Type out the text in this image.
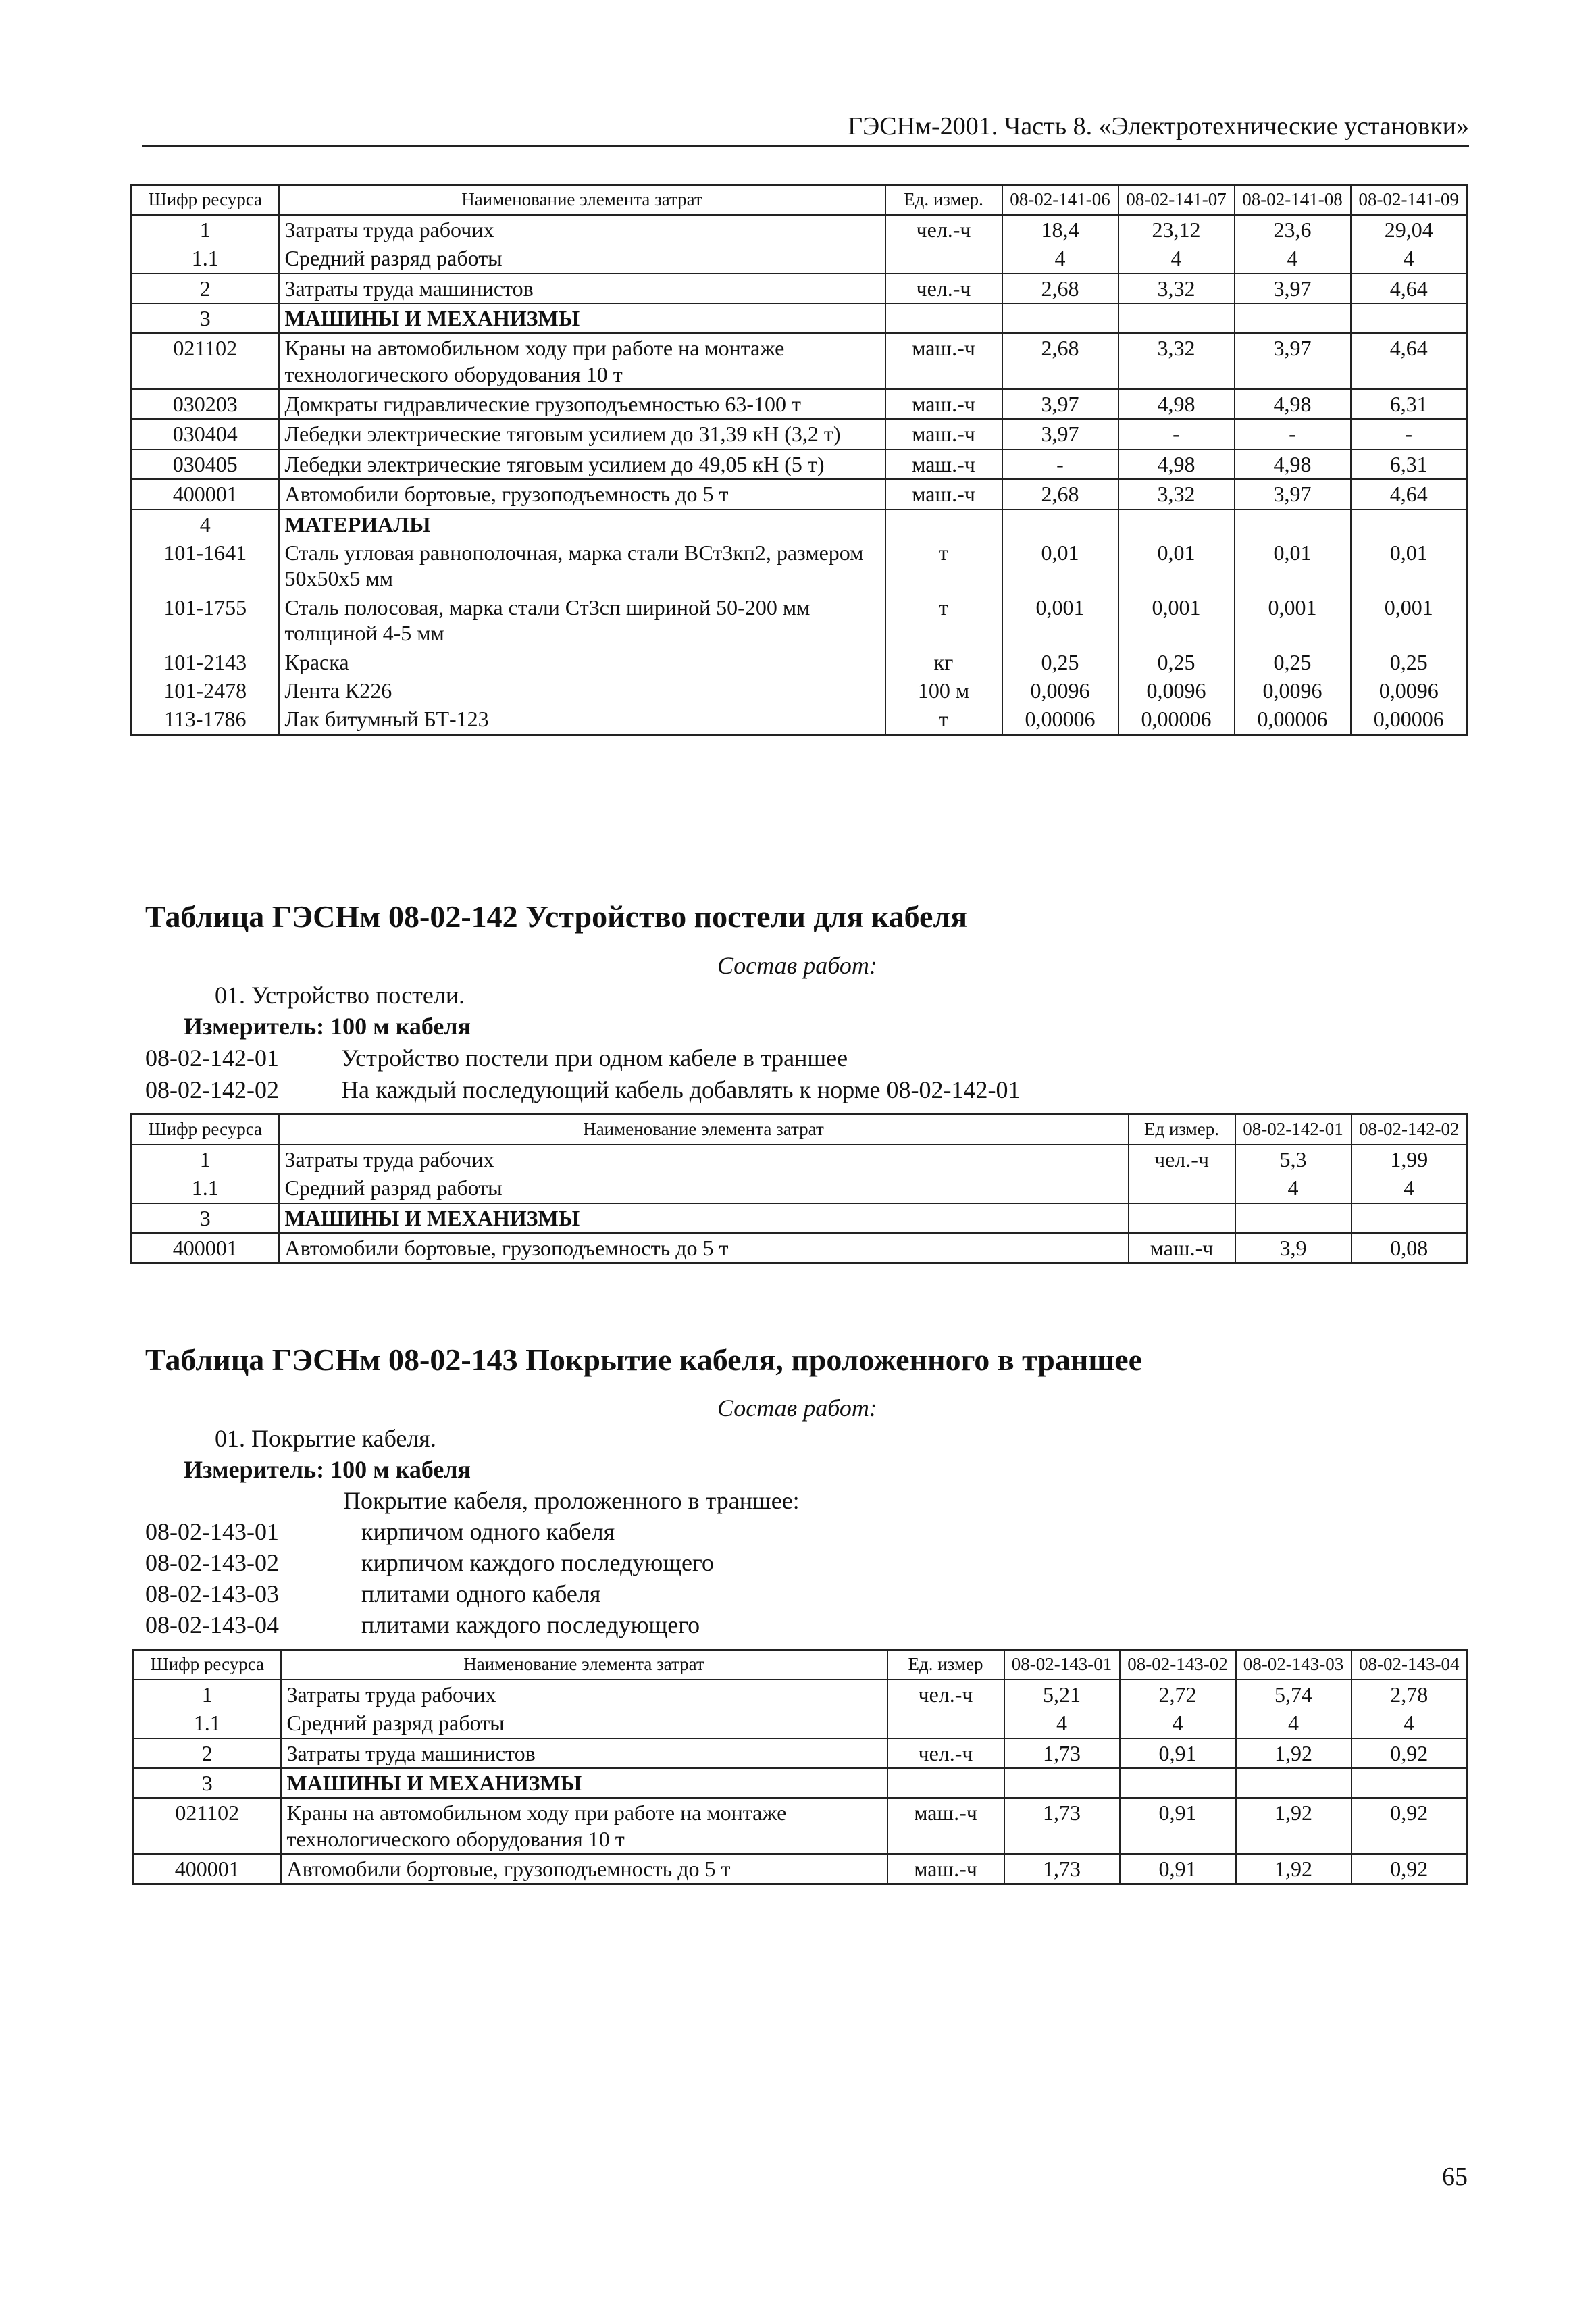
ГЭСНм-2001. Часть 8. «Электротехнические установки»
Шифр ресурса	Наименование элемента затрат	Ед. измер.	08-02-141-06	08-02-141-07	08-02-141-08	08-02-141-09
1	Затраты труда рабочих	чел.-ч	18,4	23,12	23,6	29,04
1.1	Средний разряд работы		4	4	4	4
2	Затраты труда машинистов	чел.-ч	2,68	3,32	3,97	4,64
3	МАШИНЫ И МЕХАНИЗМЫ					
021102	Краны на автомобильном ходу при работе на монтаже технологического оборудования 10 т	маш.-ч	2,68	3,32	3,97	4,64
030203	Домкраты гидравлические грузоподъемностью 63-100 т	маш.-ч	3,97	4,98	4,98	6,31
030404	Лебедки электрические тяговым усилием до 31,39 кН (3,2 т)	маш.-ч	3,97	-	-	-
030405	Лебедки электрические тяговым усилием до 49,05 кН (5 т)	маш.-ч	-	4,98	4,98	6,31
400001	Автомобили бортовые, грузоподъемность до 5 т	маш.-ч	2,68	3,32	3,97	4,64
4	МАТЕРИАЛЫ					
101-1641	Сталь угловая равнополочная, марка стали ВСт3кп2, размером 50х50х5 мм	т	0,01	0,01	0,01	0,01
101-1755	Сталь полосовая, марка стали Ст3сп шириной 50-200 мм толщиной 4-5 мм	т	0,001	0,001	0,001	0,001
101-2143	Краска	кг	0,25	0,25	0,25	0,25
101-2478	Лента К226	100 м	0,0096	0,0096	0,0096	0,0096
113-1786	Лак битумный БТ-123	т	0,00006	0,00006	0,00006	0,00006
Таблица ГЭСНм 08-02-142 Устройство постели для кабеля
Состав работ:
01. Устройство постели.
Измеритель: 100 м кабеля
08-02-142-01	Устройство постели при одном кабеле в траншее
08-02-142-02	На каждый последующий кабель добавлять к норме 08-02-142-01
Шифр ресурса	Наименование элемента затрат	Ед измер.	08-02-142-01	08-02-142-02
1	Затраты труда рабочих	чел.-ч	5,3	1,99
1.1	Средний разряд работы		4	4
3	МАШИНЫ И МЕХАНИЗМЫ			
400001	Автомобили бортовые, грузоподъемность до 5 т	маш.-ч	3,9	0,08
Таблица ГЭСНм 08-02-143 Покрытие кабеля, проложенного в траншее
Состав работ:
01. Покрытие кабеля.
Измеритель: 100 м кабеля
Покрытие кабеля, проложенного в траншее:
08-02-143-01	кирпичом одного кабеля
08-02-143-02	кирпичом каждого последующего
08-02-143-03	плитами одного кабеля
08-02-143-04	плитами каждого последующего
Шифр ресурса	Наименование элемента затрат	Ед. измер	08-02-143-01	08-02-143-02	08-02-143-03	08-02-143-04
1	Затраты труда рабочих	чел.-ч	5,21	2,72	5,74	2,78
1.1	Средний разряд работы		4	4	4	4
2	Затраты труда машинистов	чел.-ч	1,73	0,91	1,92	0,92
3	МАШИНЫ И МЕХАНИЗМЫ					
021102	Краны на автомобильном ходу при работе на монтаже технологического оборудования 10 т	маш.-ч	1,73	0,91	1,92	0,92
400001	Автомобили бортовые, грузоподъемность до 5 т	маш.-ч	1,73	0,91	1,92	0,92
65
